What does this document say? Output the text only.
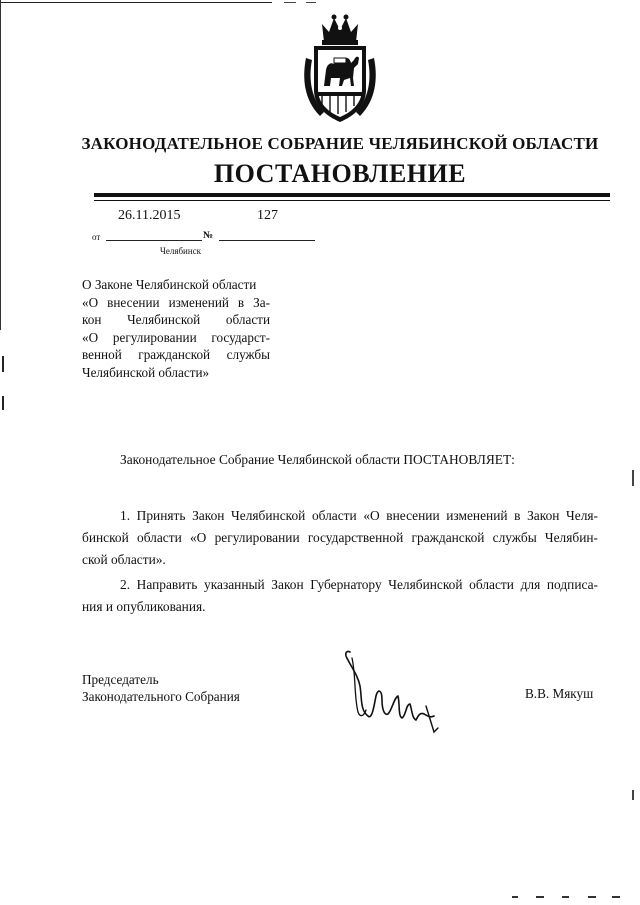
ЗАКОНОДАТЕЛЬНОЕ СОБРАНИЕ ЧЕЛЯБИНСКОЙ ОБЛАСТИ
ПОСТАНОВЛЕНИЕ
26.11.2015	127
от	№
Челябинск
О Законе Челябинской области
«О внесении изменений в За-
кон Челябинской области
«О регулировании государст-
венной гражданской службы
Челябинской области»
Законодательное Собрание Челябинской области ПОСТАНОВЛЯЕТ:
1. Принять Закон Челябинской области «О внесении изменений в Закон Челя-
бинской области «О регулировании государственной гражданской службы Челябин-
ской области».
2. Направить указанный Закон Губернатору Челябинской области для подписа-
ния и опубликования.
Председатель
Законодательного Собрания	В.В. Мякуш
